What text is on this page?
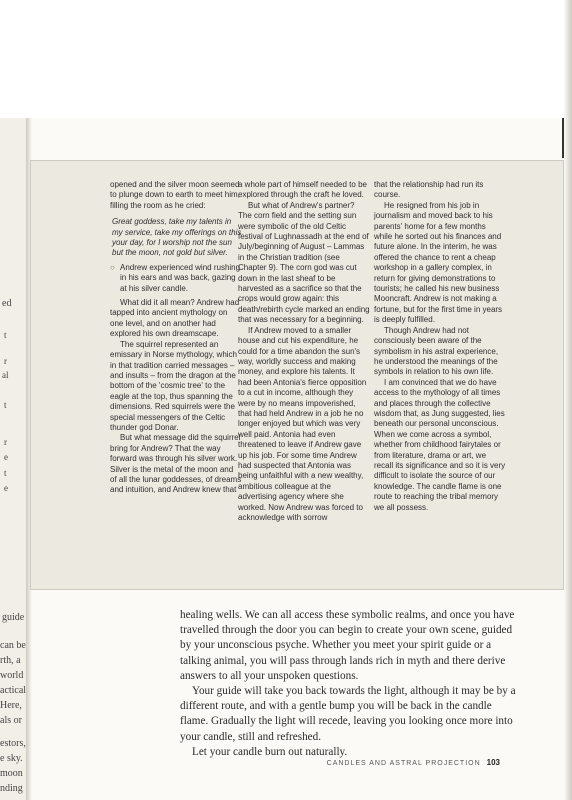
ed
t
r
al
t
r
e
t
e
guide
can be
rth, a
world
actical
Here,
als or
estors,
e sky.
moon
nding

opened and the silver moon seemed to plunge down to earth to meet him, filling the room as he cried:

Great goddess, take my talents in my service, take my offerings on this your day, for I worship not the sun but the moon, not gold but silver.

○ Andrew experienced wind rushing in his ears and was back, gazing at his silver candle.

What did it all mean? Andrew had tapped into ancient mythology on one level, and on another had explored his own dreamscape.

The squirrel represented an emissary in Norse mythology, which in that tradition carried messages – and insults – from the dragon at the bottom of the 'cosmic tree' to the eagle at the top, thus spanning the dimensions. Red squirrels were the special messengers of the Celtic thunder god Donar.

But what message did the squirrel bring for Andrew? That the way forward was through his silver work. Silver is the metal of the moon and of all the lunar goddesses, of dreams and intuition, and Andrew knew that

a whole part of himself needed to be explored through the craft he loved.

But what of Andrew's partner? The corn field and the setting sun were symbolic of the old Celtic festival of Lughnassadh at the end of July/beginning of August – Lammas in the Christian tradition (see Chapter 9). The corn god was cut down in the last sheaf to be harvested as a sacrifice so that the crops would grow again: this death/rebirth cycle marked an ending that was necessary for a beginning.

If Andrew moved to a smaller house and cut his expenditure, he could for a time abandon the sun's way, worldly success and making money, and explore his talents. It had been Antonia's fierce opposition to a cut in income, although they were by no means impoverished, that had held Andrew in a job he no longer enjoyed but which was very well paid. Antonia had even threatened to leave if Andrew gave up his job. For some time Andrew had suspected that Antonia was being unfaithful with a new wealthy, ambitious colleague at the advertising agency where she worked. Now Andrew was forced to acknowledge with sorrow

that the relationship had run its course.

He resigned from his job in journalism and moved back to his parents' home for a few months while he sorted out his finances and future alone. In the interim, he was offered the chance to rent a cheap workshop in a gallery complex, in return for giving demonstrations to tourists; he called his new business Mooncraft. Andrew is not making a fortune, but for the first time in years is deeply fulfilled.

Though Andrew had not consciously been aware of the symbolism in his astral experience, he understood the meanings of the symbols in relation to his own life.

I am convinced that we do have access to the mythology of all times and places through the collective wisdom that, as Jung suggested, lies beneath our personal unconscious. When we come across a symbol, whether from childhood fairytales or from literature, drama or art, we recall its significance and so it is very difficult to isolate the source of our knowledge. The candle flame is one route to reaching the tribal memory we all possess.

healing wells. We can all access these symbolic realms, and once you have travelled through the door you can begin to create your own scene, guided by your unconscious psyche. Whether you meet your spirit guide or a talking animal, you will pass through lands rich in myth and there derive answers to all your unspoken questions.

Your guide will take you back towards the light, although it may be by a different route, and with a gentle bump you will be back in the candle flame. Gradually the light will recede, leaving you looking once more into your candle, still and refreshed.

Let your candle burn out naturally.

CANDLES AND ASTRAL PROJECTION 103
